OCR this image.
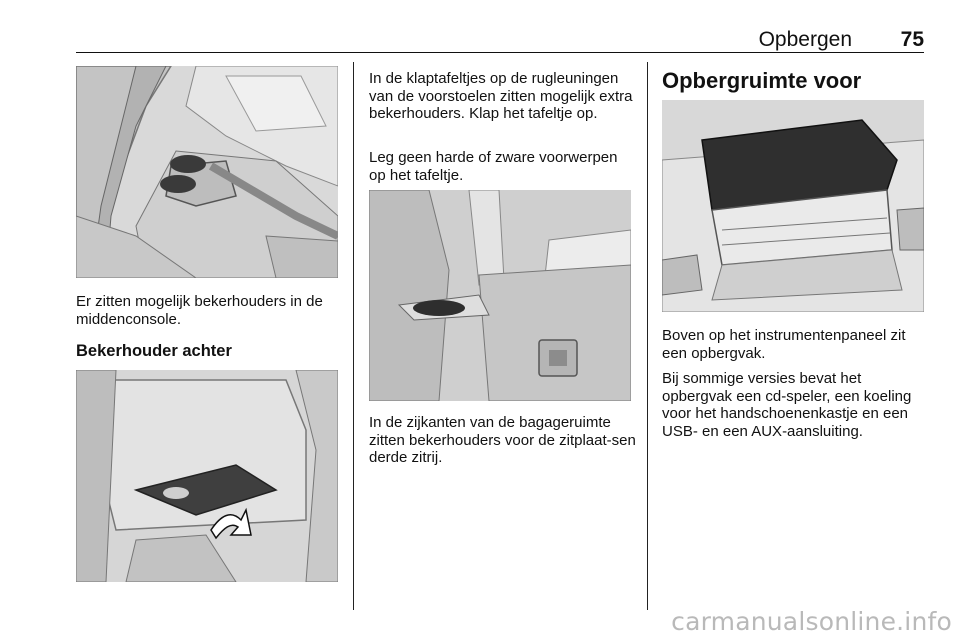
Opbergen 75

Er zitten mogelijk bekerhouders in de middenconsole.

Bekerhouder achter

In de klaptafeltjes op de rugleuningen van de voorstoelen zitten mogelijk extra bekerhouders. Klap het tafeltje op.

Leg geen harde of zware voorwerpen op het tafeltje.

In de zijkanten van de bagageruimte zitten bekerhouders voor de zitplaat-sen derde zitrij.

Opbergruimte voor

Boven op het instrumentenpaneel zit een opbergvak.

Bij sommige versies bevat het opbergvak een cd-speler, een koeling voor het handschoenenkastje en een USB- en een AUX-aansluiting.

carmanualsonline.info
